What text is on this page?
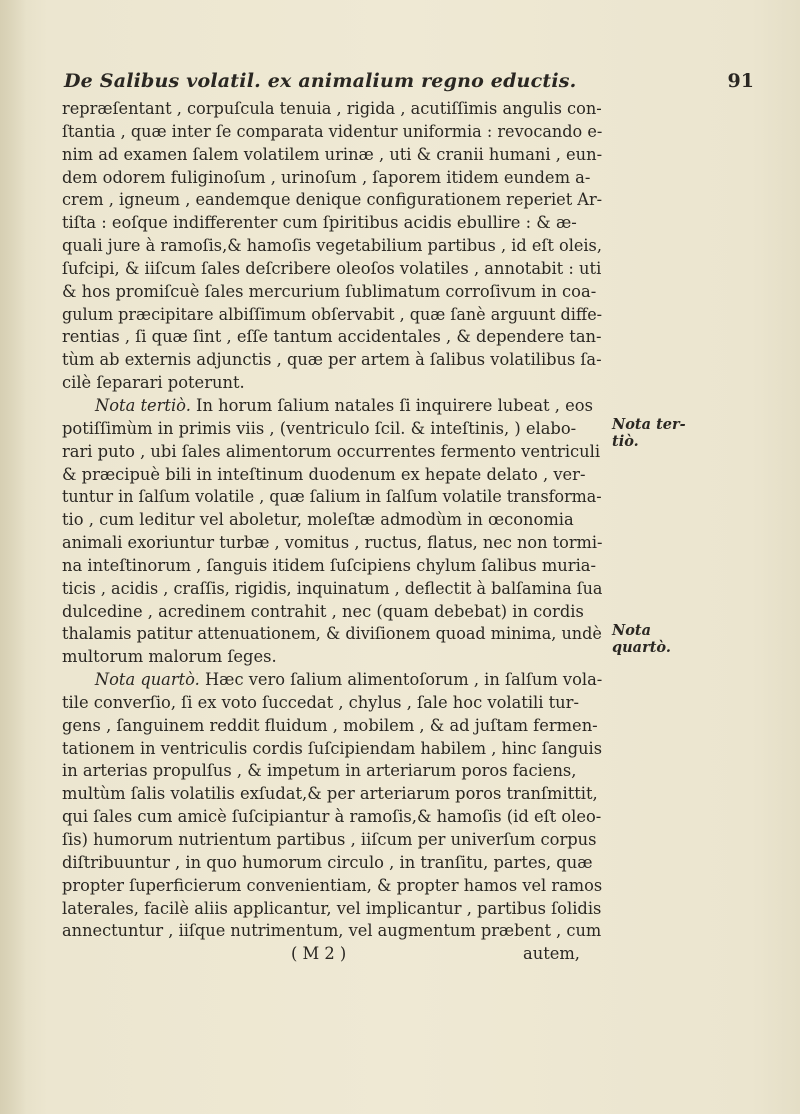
De Salibus volatil. ex animalium regno eductis.	91
repræſentant , corpuſcula tenuia , rigida , acutiſſimis angulis con-
ſtantia , quæ inter ſe comparata videntur uniformia : revocando e-
nim ad examen ſalem volatilem urinæ , uti & cranii humani , eun-
dem odorem fuliginoſum , urinoſum , ſaporem itidem eundem a-
crem , igneum , eandemque denique configurationem reperiet Ar-
tiſta : eoſque indifferenter cum ſpiritibus acidis ebullire : & æ-
quali jure à ramoſis,& hamoſis vegetabilium partibus , id eſt oleis,
ſufcipi, & iiſcum ſales deſcribere oleoſos volatiles , annotabit : uti
& hos promiſcuè ſales mercurium ſublimatum corroſivum in coa-
gulum præcipitare albiſſimum obſervabit , quæ ſanè arguunt diffe-
rentias , ſi quæ ſint , eſſe tantum accidentales , & dependere tan-
tùm ab externis adjunctis , quæ per artem à ſalibus volatilibus ſa-
cilè ſeparari poterunt.
Nota tertiò. In horum ſalium natales ſi inquirere lubeat , eos
potiſſimùm in primis viis , (ventriculo ſcil. & inteſtinis, ) elabo-
rari puto , ubi ſales alimentorum occurrentes fermento ventriculi
& præcipuè bili in inteſtinum duodenum ex hepate delato , ver-
tuntur in ſalſum volatile , quæ ſalium in ſalſum volatile transforma-
tio , cum leditur vel aboletur, moleſtæ admodùm in œconomia
animali exoriuntur turbæ , vomitus , ructus, flatus, nec non tormi-
na inteſtinorum , ſanguis itidem ſuſcipiens chylum ſalibus muria-
ticis , acidis , craſſis, rigidis, inquinatum , deflectit à balſamina ſua
dulcedine , acredinem contrahit , nec (quam debebat) in cordis
thalamis patitur attenuationem, & diviſionem quoad minima, undè
multorum malorum ſeges.
Nota quartò. Hæc vero ſalium alimentoſorum , in ſalſum vola-
tile converſio, ſi ex voto ſuccedat , chylus , ſale hoc volatili tur-
gens , ſanguinem reddit fluidum , mobilem , & ad juſtam fermen-
tationem in ventriculis cordis ſuſcipiendam habilem , hinc ſanguis
in arterias propulſus , & impetum in arteriarum poros faciens,
multùm ſalis volatilis exſudat,& per arteriarum poros tranſmittit,
qui ſales cum amicè ſuſcipiantur à ramoſis,& hamoſis (id eſt oleo-
ſis) humorum nutrientum partibus , iiſcum per univerſum corpus
diſtribuuntur , in quo humorum circulo , in tranſitu, partes, quæ
propter ſuperficierum convenientiam, & propter hamos vel ramos
laterales, facilè aliis applicantur, vel implicantur , partibus ſolidis
annectuntur , iiſque nutrimentum, vel augmentum præbent , cum
( M 2 )	autem,
Nota ter-tiò.
Nota quartò.
